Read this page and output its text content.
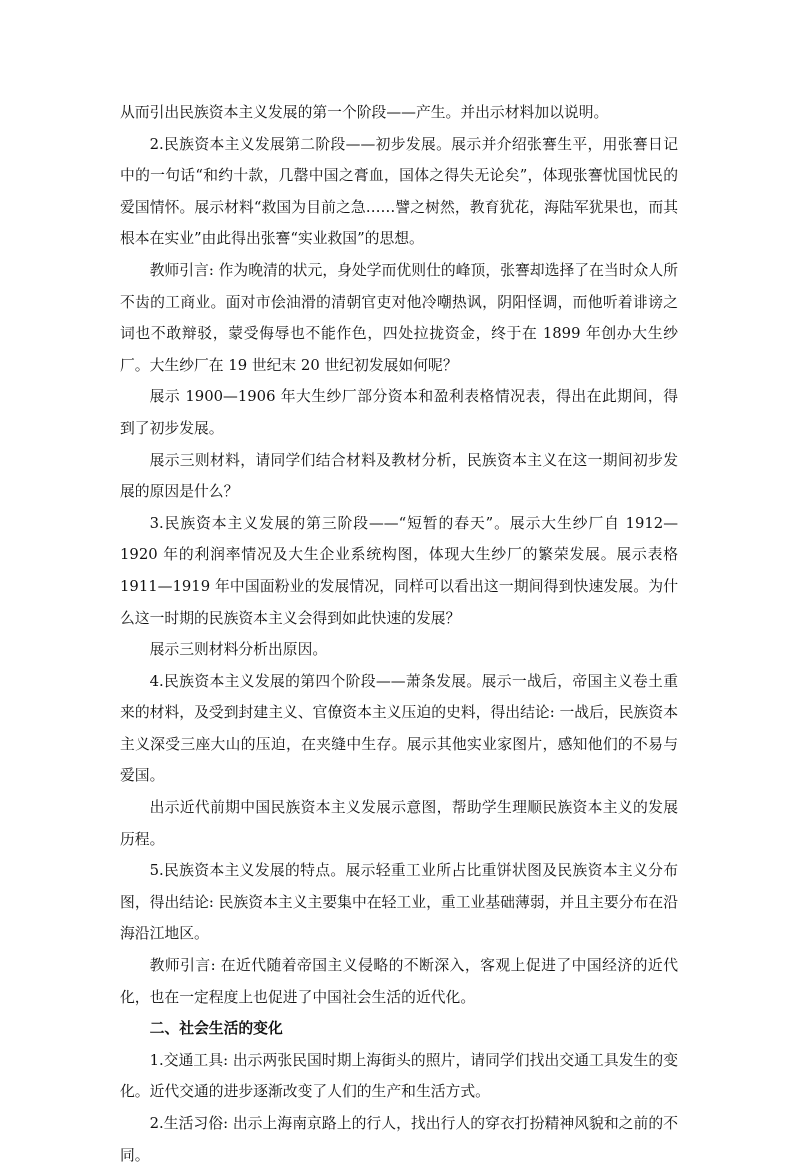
从而引出民族资本主义发展的第一个阶段——产生。并出示材料加以说明。

2.民族资本主义发展第二阶段——初步发展。展示并介绍张謇生平，用张謇日记中的一句话“和约十款，几罄中国之膏血，国体之得失无论矣”，体现张謇忧国忧民的爱国情怀。展示材料“救国为目前之急……譬之树然，教育犹花，海陆军犹果也，而其根本在实业”由此得出张謇“实业救国”的思想。

教师引言: 作为晚清的状元，身处学而优则仕的峰顶，张謇却选择了在当时众人所不齿的工商业。面对市侩油滑的清朝官吏对他冷嘲热讽，阴阳怪调，而他听着诽谤之词也不敢辩驳，蒙受侮辱也不能作色，四处拉拢资金，终于在 1899 年创办大生纱厂。大生纱厂在 19 世纪末 20 世纪初发展如何呢？

展示 1900—1906 年大生纱厂部分资本和盈利表格情况表，得出在此期间，得到了初步发展。

展示三则材料，请同学们结合材料及教材分析，民族资本主义在这一期间初步发展的原因是什么？

3.民族资本主义发展的第三阶段——“短暂的春天”。展示大生纱厂自 1912—1920 年的利润率情况及大生企业系统构图，体现大生纱厂的繁荣发展。展示表格 1911—1919 年中国面粉业的发展情况，同样可以看出这一期间得到快速发展。为什么这一时期的民族资本主义会得到如此快速的发展？

展示三则材料分析出原因。

4.民族资本主义发展的第四个阶段——萧条发展。展示一战后，帝国主义卷土重来的材料，及受到封建主义、官僚资本主义压迫的史料，得出结论: 一战后，民族资本主义深受三座大山的压迫，在夹缝中生存。展示其他实业家图片，感知他们的不易与爱国。

出示近代前期中国民族资本主义发展示意图，帮助学生理顺民族资本主义的发展历程。

5.民族资本主义发展的特点。展示轻重工业所占比重饼状图及民族资本主义分布图，得出结论: 民族资本主义主要集中在轻工业，重工业基础薄弱，并且主要分布在沿海沿江地区。

教师引言: 在近代随着帝国主义侵略的不断深入，客观上促进了中国经济的近代化，也在一定程度上也促进了中国社会生活的近代化。

二、社会生活的变化

1.交通工具: 出示两张民国时期上海街头的照片，请同学们找出交通工具发生的变化。近代交通的进步逐渐改变了人们的生产和生活方式。

2.生活习俗: 出示上海南京路上的行人，找出行人的穿衣打扮精神风貌和之前的不同。
